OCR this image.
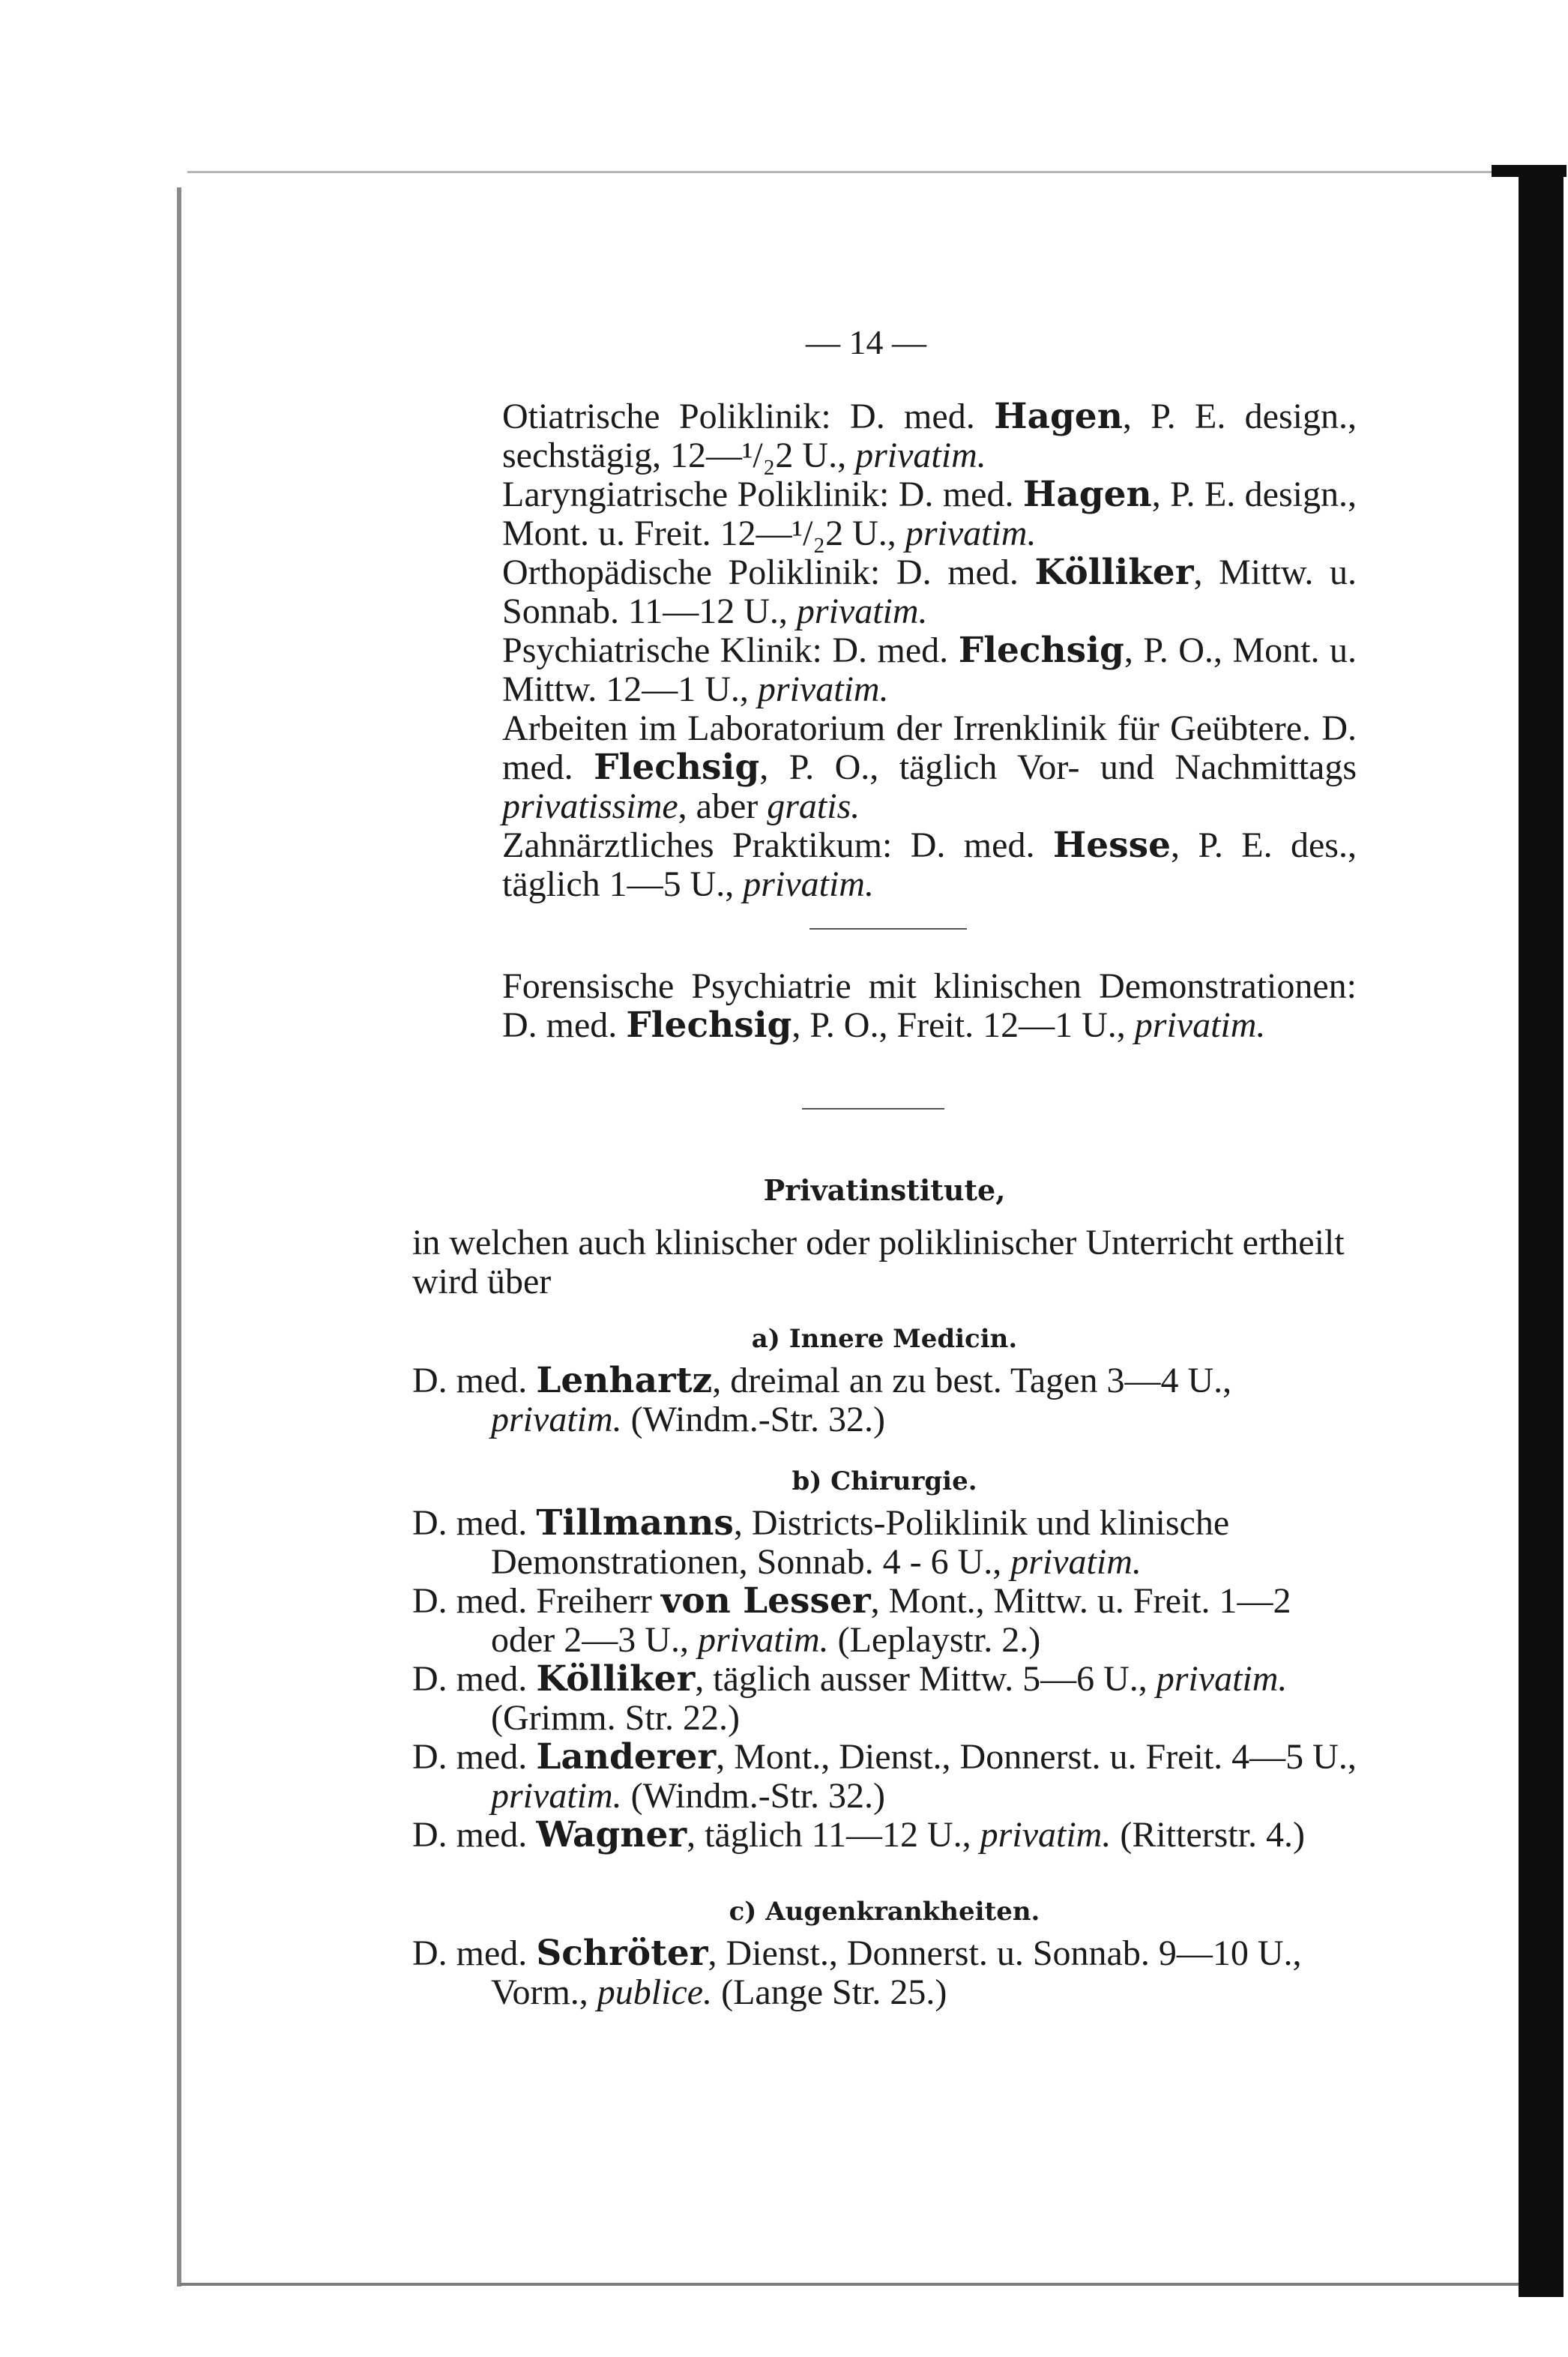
— 14 —
Otiatrische Poliklinik: D. med. Hagen, P. E. design., sechstägig, 12—¹/₂2 U., privatim.
Laryngiatrische Poliklinik: D. med. Hagen, P. E. design., Mont. u. Freit. 12—¹/₂2 U., privatim.
Orthopädische Poliklinik: D. med. Kölliker, Mittw. u. Sonnab. 11—12 U., privatim.
Psychiatrische Klinik: D. med. Flechsig, P. O., Mont. u. Mittw. 12—1 U., privatim.
Arbeiten im Laboratorium der Irrenklinik für Geübtere. D. med. Flechsig, P. O., täglich Vor- und Nachmittags privatissime, aber gratis.
Zahnärztliches Praktikum: D. med. Hesse, P. E. des., täglich 1—5 U., privatim.
Forensische Psychiatrie mit klinischen Demonstrationen: D. med. Flechsig, P. O., Freit. 12—1 U., privatim.
Privatinstitute,
in welchen auch klinischer oder poliklinischer Unterricht ertheilt wird über
a) Innere Medicin.
D. med. Lenhartz, dreimal an zu best. Tagen 3—4 U., privatim. (Windm.-Str. 32.)
b) Chirurgie.
D. med. Tillmanns, Districts-Poliklinik und klinische Demonstrationen, Sonnab. 4 - 6 U., privatim.
D. med. Freiherr von Lesser, Mont., Mittw. u. Freit. 1—2 oder 2—3 U., privatim. (Leplaystr. 2.)
D. med. Kölliker, täglich ausser Mittw. 5—6 U., privatim. (Grimm. Str. 22.)
D. med. Landerer, Mont., Dienst., Donnerst. u. Freit. 4—5 U., privatim. (Windm.-Str. 32.)
D. med. Wagner, täglich 11—12 U., privatim. (Ritterstr. 4.)
c) Augenkrankheiten.
D. med. Schröter, Dienst., Donnerst. u. Sonnab. 9—10 U., Vorm., publice. (Lange Str. 25.)
